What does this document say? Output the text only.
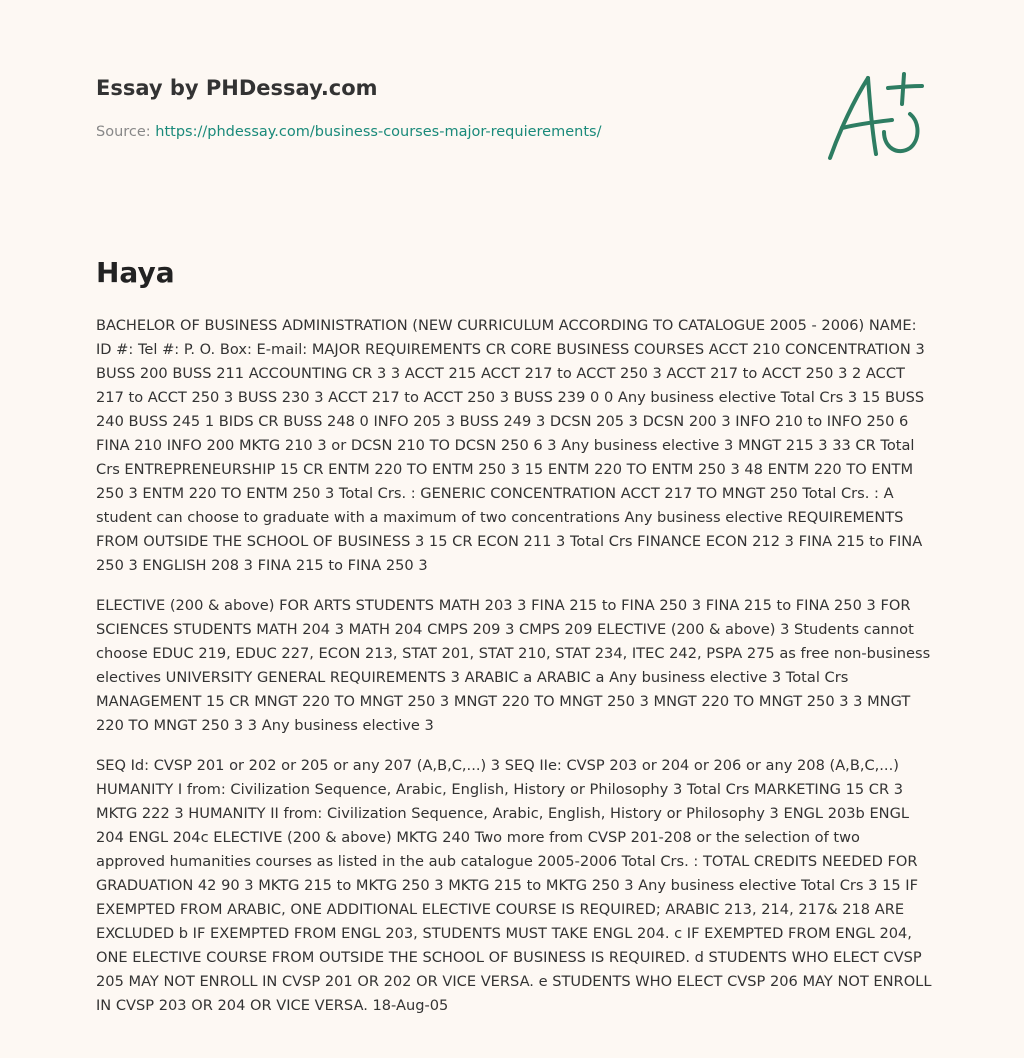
Essay by PHDessay.com
Source: https://phdessay.com/business-courses-major-requierements/
Haya

BACHELOR OF BUSINESS ADMINISTRATION (NEW CURRICULUM ACCORDING TO CATALOGUE 2005 - 2006) NAME: ID #: Tel #: P. O. Box: E-mail: MAJOR REQUIREMENTS CR CORE BUSINESS COURSES ACCT 210 CONCENTRATION 3 BUSS 200 BUSS 211 ACCOUNTING CR 3 3 ACCT 215 ACCT 217 to ACCT 250 3 ACCT 217 to ACCT 250 3 2 ACCT 217 to ACCT 250 3 BUSS 230 3 ACCT 217 to ACCT 250 3 BUSS 239 0 0 Any business elective Total Crs 3 15 BUSS 240 BUSS 245 1 BIDS CR BUSS 248 0 INFO 205 3 BUSS 249 3 DCSN 205 3 DCSN 200 3 INFO 210 to INFO 250 6 FINA 210 INFO 200 MKTG 210 3 or DCSN 210 TO DCSN 250 6 3 Any business elective 3 MNGT 215 3 33 CR Total Crs ENTREPRENEURSHIP 15 CR ENTM 220 TO ENTM 250 3 15 ENTM 220 TO ENTM 250 3 48 ENTM 220 TO ENTM 250 3 ENTM 220 TO ENTM 250 3 Total Crs. : GENERIC CONCENTRATION ACCT 217 TO MNGT 250 Total Crs. : A student can choose to graduate with a maximum of two concentrations Any business elective REQUIREMENTS FROM OUTSIDE THE SCHOOL OF BUSINESS 3 15 CR ECON 211 3 Total Crs FINANCE ECON 212 3 FINA 215 to FINA 250 3 ENGLISH 208 3 FINA 215 to FINA 250 3

ELECTIVE (200 & above) FOR ARTS STUDENTS MATH 203 3 FINA 215 to FINA 250 3 FINA 215 to FINA 250 3 FOR SCIENCES STUDENTS MATH 204 3 MATH 204 CMPS 209 3 CMPS 209 ELECTIVE (200 & above) 3 Students cannot choose EDUC 219, EDUC 227, ECON 213, STAT 201, STAT 210, STAT 234, ITEC 242, PSPA 275 as free non-business electives UNIVERSITY GENERAL REQUIREMENTS 3 ARABIC a ARABIC a Any business elective 3 Total Crs MANAGEMENT 15 CR MNGT 220 TO MNGT 250 3 MNGT 220 TO MNGT 250 3 MNGT 220 TO MNGT 250 3 3 MNGT 220 TO MNGT 250 3 3 Any business elective 3

SEQ Id: CVSP 201 or 202 or 205 or any 207 (A,B,C,...) 3 SEQ IIe: CVSP 203 or 204 or 206 or any 208 (A,B,C,...) HUMANITY I from: Civilization Sequence, Arabic, English, History or Philosophy 3 Total Crs MARKETING 15 CR 3 MKTG 222 3 HUMANITY II from: Civilization Sequence, Arabic, English, History or Philosophy 3 ENGL 203b ENGL 204 ENGL 204c ELECTIVE (200 & above) MKTG 240 Two more from CVSP 201-208 or the selection of two approved humanities courses as listed in the aub catalogue 2005-2006 Total Crs. : TOTAL CREDITS NEEDED FOR GRADUATION 42 90 3 MKTG 215 to MKTG 250 3 MKTG 215 to MKTG 250 3 Any business elective Total Crs 3 15 IF EXEMPTED FROM ARABIC, ONE ADDITIONAL ELECTIVE COURSE IS REQUIRED; ARABIC 213, 214, 217& 218 ARE EXCLUDED b IF EXEMPTED FROM ENGL 203, STUDENTS MUST TAKE ENGL 204. c IF EXEMPTED FROM ENGL 204, ONE ELECTIVE COURSE FROM OUTSIDE THE SCHOOL OF BUSINESS IS REQUIRED. d STUDENTS WHO ELECT CVSP 205 MAY NOT ENROLL IN CVSP 201 OR 202 OR VICE VERSA. e STUDENTS WHO ELECT CVSP 206 MAY NOT ENROLL IN CVSP 203 OR 204 OR VICE VERSA. 18-Aug-05
